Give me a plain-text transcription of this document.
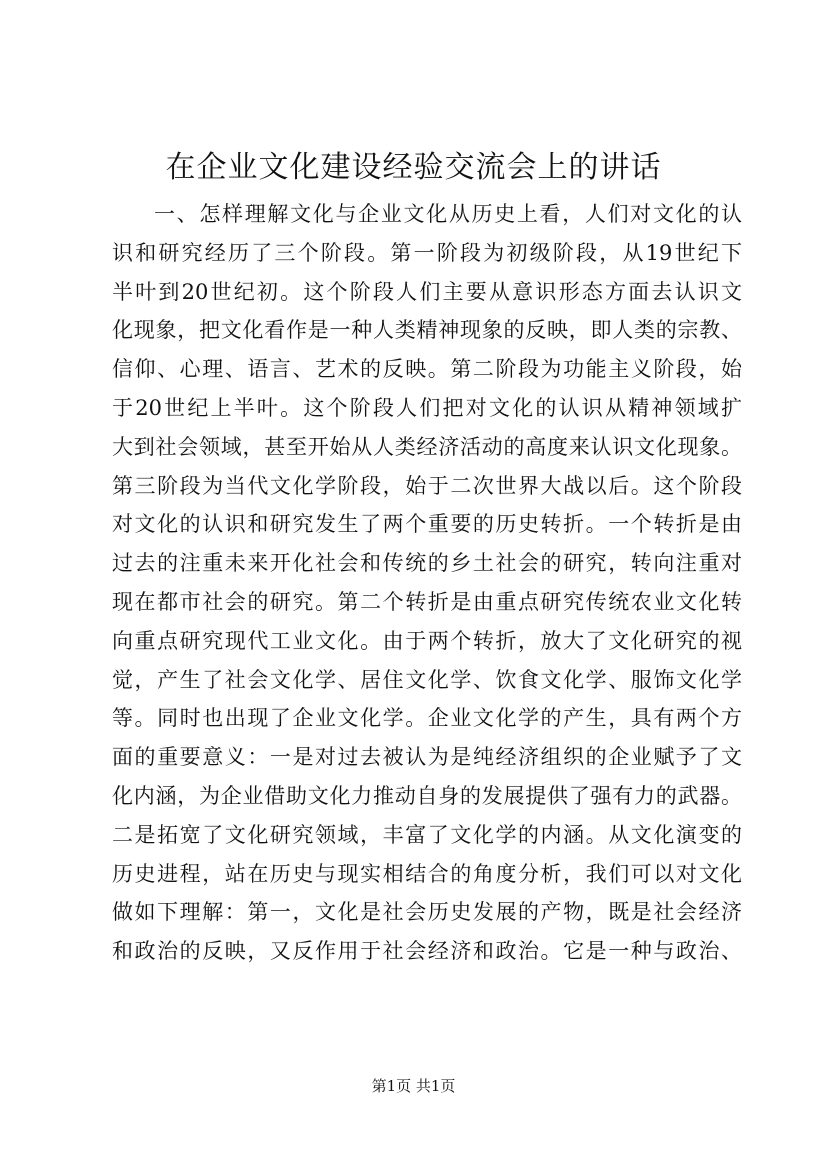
在企业文化建设经验交流会上的讲话
一、怎样理解文化与企业文化从历史上看，人们对文化的认
识和研究经历了三个阶段。第一阶段为初级阶段，从19世纪下
半叶到20世纪初。这个阶段人们主要从意识形态方面去认识文
化现象，把文化看作是一种人类精神现象的反映，即人类的宗教、
信仰、心理、语言、艺术的反映。第二阶段为功能主义阶段，始
于20世纪上半叶。这个阶段人们把对文化的认识从精神领域扩
大到社会领域，甚至开始从人类经济活动的高度来认识文化现象。
第三阶段为当代文化学阶段，始于二次世界大战以后。这个阶段
对文化的认识和研究发生了两个重要的历史转折。一个转折是由
过去的注重未来开化社会和传统的乡土社会的研究，转向注重对
现在都市社会的研究。第二个转折是由重点研究传统农业文化转
向重点研究现代工业文化。由于两个转折，放大了文化研究的视
觉，产生了社会文化学、居住文化学、饮食文化学、服饰文化学
等。同时也出现了企业文化学。企业文化学的产生，具有两个方
面的重要意义：一是对过去被认为是纯经济组织的企业赋予了文
化内涵，为企业借助文化力推动自身的发展提供了强有力的武器。
二是拓宽了文化研究领域，丰富了文化学的内涵。从文化演变的
历史进程，站在历史与现实相结合的角度分析，我们可以对文化
做如下理解：第一，文化是社会历史发展的产物，既是社会经济
和政治的反映，又反作用于社会经济和政治。它是一种与政治、
第1页 共1页
